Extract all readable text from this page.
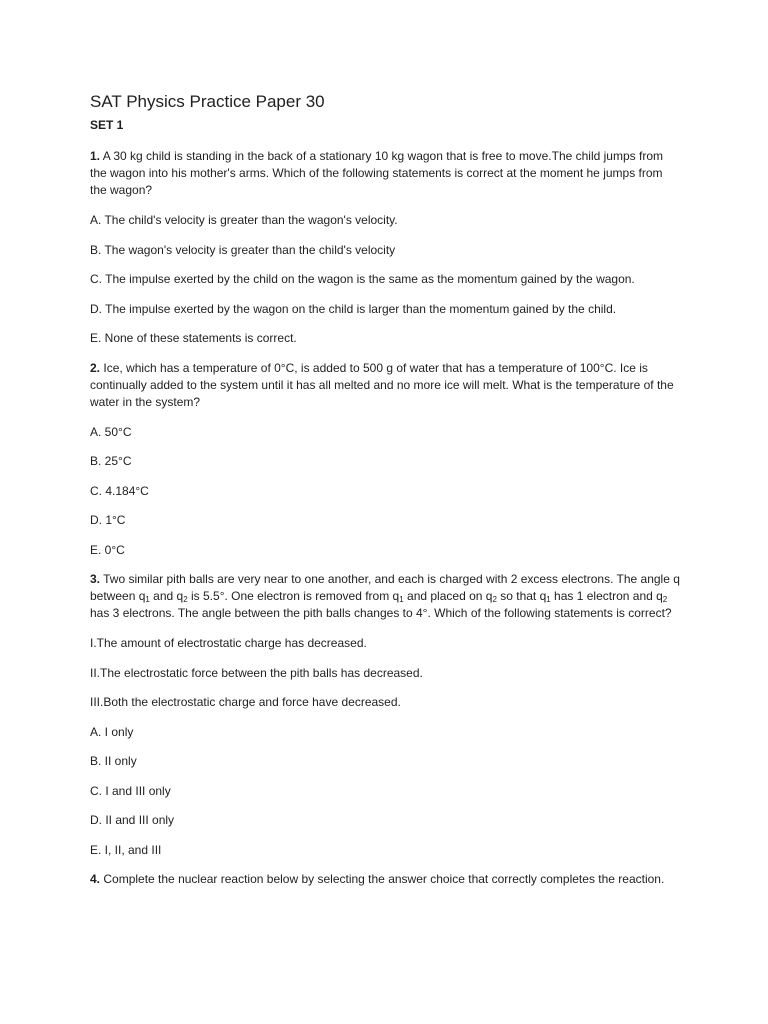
SAT Physics Practice Paper 30
SET 1

1. A 30 kg child is standing in the back of a stationary 10 kg wagon that is free to move.The child jumps from the wagon into his mother's arms. Which of the following statements is correct at the moment he jumps from the wagon?

A. The child's velocity is greater than the wagon's velocity.

B. The wagon's velocity is greater than the child's velocity

C. The impulse exerted by the child on the wagon is the same as the momentum gained by the wagon.

D. The impulse exerted by the wagon on the child is larger than the momentum gained by the child.

E. None of these statements is correct.

2. Ice, which has a temperature of 0°C, is added to 500 g of water that has a temperature of 100°C. Ice is continually added to the system until it has all melted and no more ice will melt. What is the temperature of the water in the system?

A. 50°C

B. 25°C

C. 4.184°C

D. 1°C

E. 0°C

3. Two similar pith balls are very near to one another, and each is charged with 2 excess electrons. The angle q between $q_1$ and $q_2$ is 5.5°. One electron is removed from $q_1$ and placed on $q_2$ so that $q_1$ has 1 electron and $q_2$ has 3 electrons. The angle between the pith balls changes to 4°. Which of the following statements is correct?

I.The amount of electrostatic charge has decreased.

II.The electrostatic force between the pith balls has decreased.

III.Both the electrostatic charge and force have decreased.

A. I only

B. II only

C. I and III only

D. II and III only

E. I, II, and III

4. Complete the nuclear reaction below by selecting the answer choice that correctly completes the reaction.
